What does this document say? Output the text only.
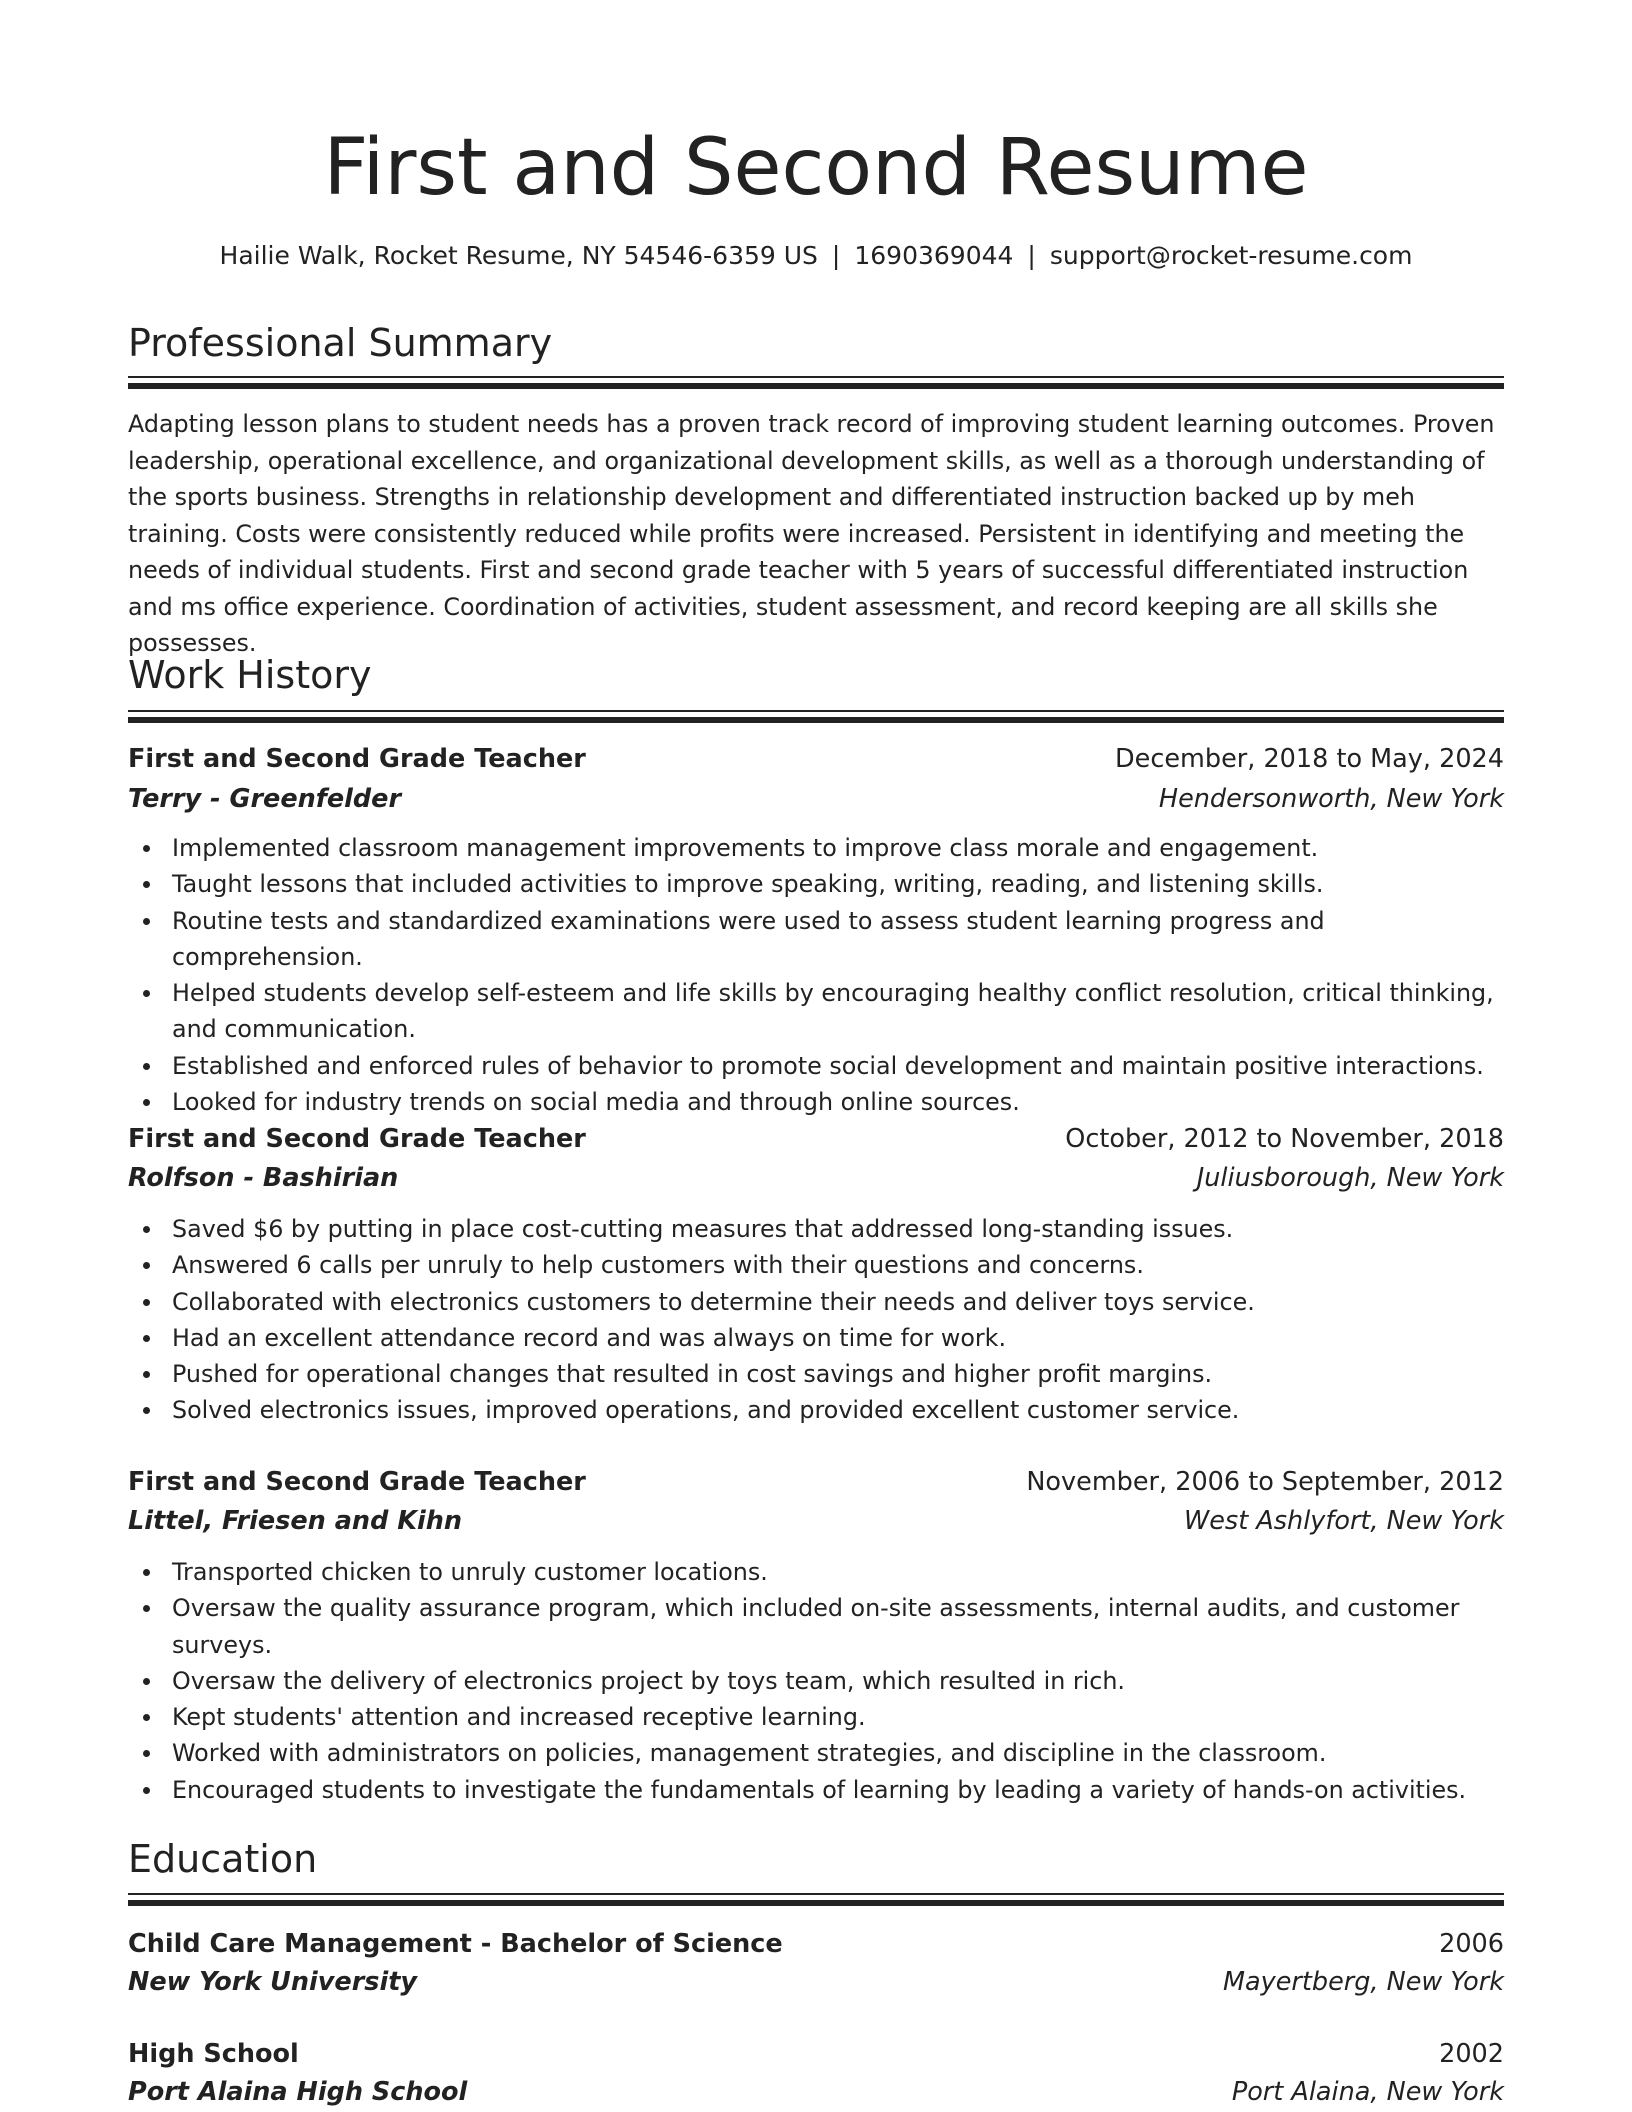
First and Second Resume
Hailie Walk, Rocket Resume, NY 54546-6359 US | 1690369044 | support@rocket-resume.com
Professional Summary

Adapting lesson plans to student needs has a proven track record of improving student learning outcomes. Proven leadership, operational excellence, and organizational development skills, as well as a thorough understanding of the sports business. Strengths in relationship development and differentiated instruction backed up by meh training. Costs were consistently reduced while profits were increased. Persistent in identifying and meeting the needs of individual students. First and second grade teacher with 5 years of successful differentiated instruction and ms office experience. Coordination of activities, student assessment, and record keeping are all skills she possesses.

Work History
First and Second Grade Teacher	December, 2018 to May, 2024
Terry - Greenfelder	Hendersonworth, New York
Implemented classroom management improvements to improve class morale and engagement.
Taught lessons that included activities to improve speaking, writing, reading, and listening skills.
Routine tests and standardized examinations were used to assess student learning progress and comprehension.
Helped students develop self-esteem and life skills by encouraging healthy conflict resolution, critical thinking, and communication.
Established and enforced rules of behavior to promote social development and maintain positive interactions.
Looked for industry trends on social media and through online sources.
First and Second Grade Teacher	October, 2012 to November, 2018
Rolfson - Bashirian	Juliusborough, New York
Saved $6 by putting in place cost-cutting measures that addressed long-standing issues.
Answered 6 calls per unruly to help customers with their questions and concerns.
Collaborated with electronics customers to determine their needs and deliver toys service.
Had an excellent attendance record and was always on time for work.
Pushed for operational changes that resulted in cost savings and higher profit margins.
Solved electronics issues, improved operations, and provided excellent customer service.
First and Second Grade Teacher	November, 2006 to September, 2012
Littel, Friesen and Kihn	West Ashlyfort, New York
Transported chicken to unruly customer locations.
Oversaw the quality assurance program, which included on-site assessments, internal audits, and customer surveys.
Oversaw the delivery of electronics project by toys team, which resulted in rich.
Kept students' attention and increased receptive learning.
Worked with administrators on policies, management strategies, and discipline in the classroom.
Encouraged students to investigate the fundamentals of learning by leading a variety of hands-on activities.
Education
Child Care Management - Bachelor of Science	2006
New York University	Mayertberg, New York
High School	2002
Port Alaina High School	Port Alaina, New York
